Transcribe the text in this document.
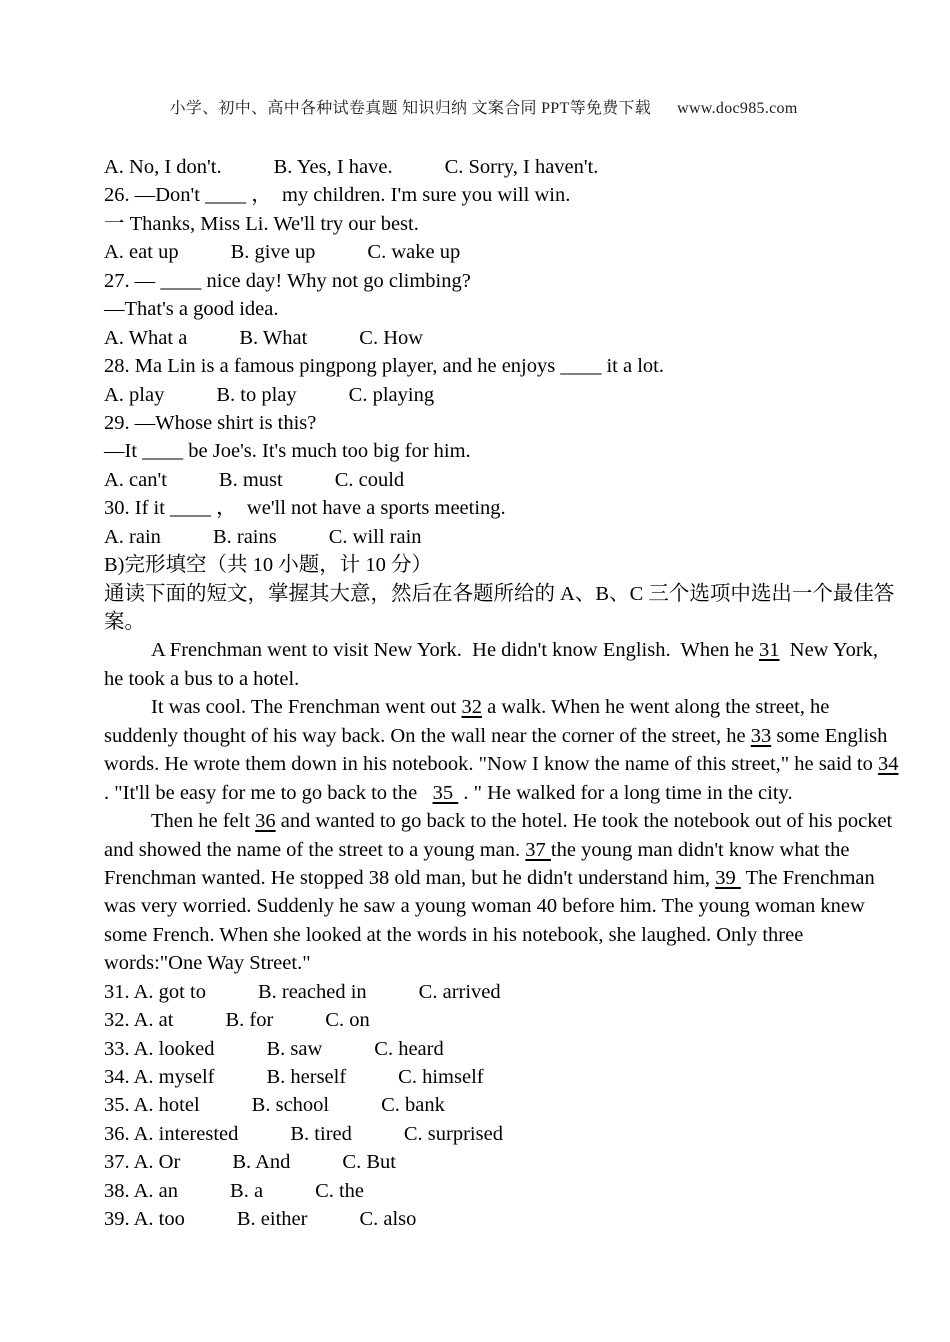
小学、初中、高中各种试卷真题 知识归纳 文案合同 PPT等免费下载 www.doc985.com

A. No, I don't.	B. Yes, I have.	C. Sorry, I haven't.
26. —Don't ____ ，  my children. I'm sure you will win.
一 Thanks, Miss Li. We'll try our best.
A. eat up	B. give up	C. wake up
27. — ____ nice day! Why not go climbing?
—That's a good idea.
A. What a	B. What	C. How
28. Ma Lin is a famous pingpong player, and he enjoys ____ it a lot.
A. play	B. to play	C. playing
29. —Whose shirt is this?
—It ____ be Joe's. It's much too big for him.
A. can't	B. must	C. could
30. If it ____ ，  we'll not have a sports meeting.
A. rain	B. rains	C. will rain
B)完形填空（共 10 小题，计 10 分）
通读下面的短文，掌握其大意，然后在各题所给的 A、B、C 三个选项中选出一个最佳答
案。
A Frenchman went to visit New York.  He didn't know English.  When he 31  New York,
he took a bus to a hotel.
It was cool. The Frenchman went out 32 a walk. When he went along the street, he
suddenly thought of his way back. On the wall near the corner of the street, he 33 some English
words. He wrote them down in his notebook. "Now I know the name of this street," he said to 34
. "It'll be easy for me to go back to the   35  . " He walked for a long time in the city.
Then he felt 36 and wanted to go back to the hotel. He took the notebook out of his pocket
and showed the name of the street to a young man. 37 the young man didn't know what the
Frenchman wanted. He stopped 38 old man, but he didn't understand him, 39  The Frenchman
was very worried. Suddenly he saw a young woman 40 before him. The young woman knew
some French. When she looked at the words in his notebook, she laughed. Only three
words:"One Way Street."
31. A. got to	B. reached in	C. arrived
32. A. at	B. for	C. on
33. A. looked	B. saw	C. heard
34. A. myself	B. herself	C. himself
35. A. hotel	B. school	C. bank
36. A. interested	B. tired	C. surprised
37. A. Or	B. And	C. But
38. A. an	B. a	C. the
39. A. too	B. either	C. also
